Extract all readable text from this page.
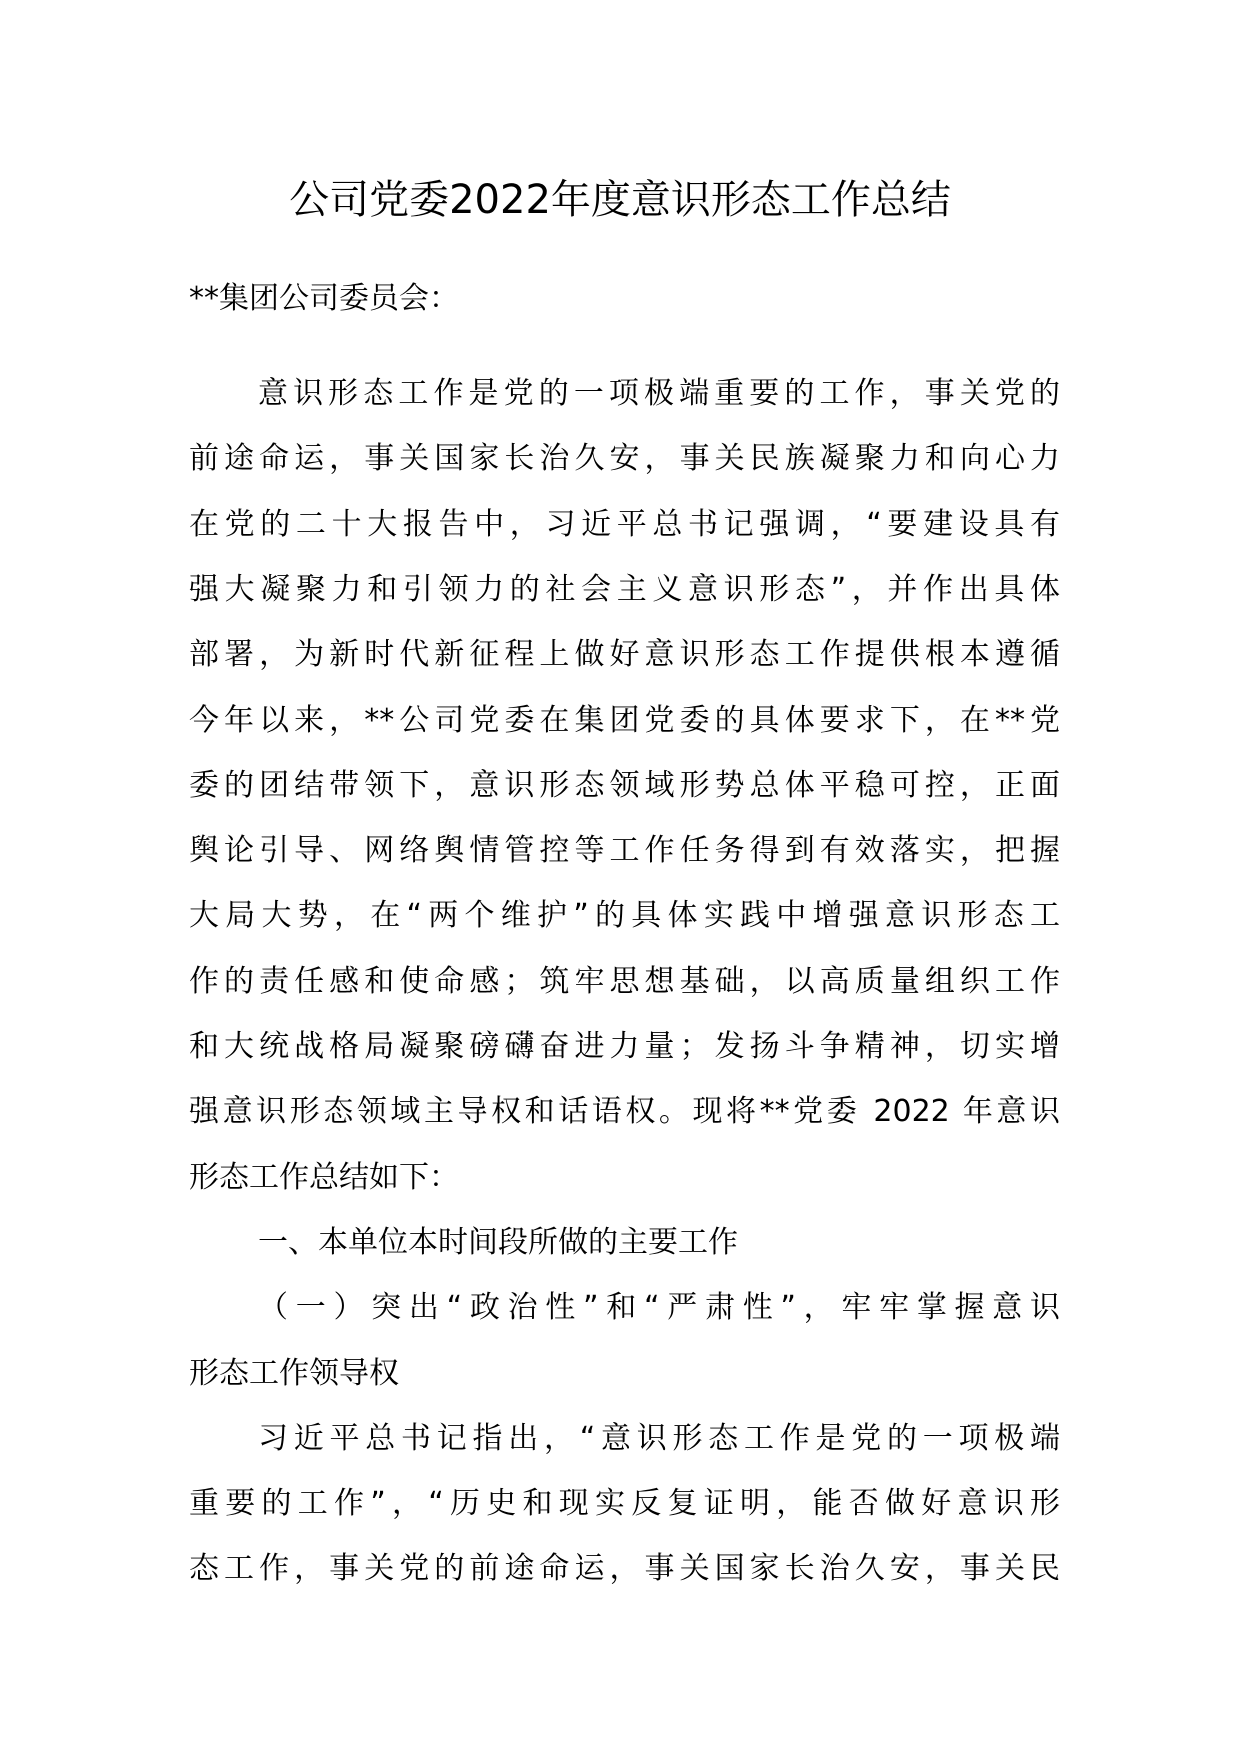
公司党委2022年度意识形态工作总结
**集团公司委员会：
意识形态工作是党的一项极端重要的工作，事关党的
前途命运，事关国家长治久安，事关民族凝聚力和向心力
在党的二十大报告中，习近平总书记强调，“要建设具有
强大凝聚力和引领力的社会主义意识形态”，并作出具体
部署，为新时代新征程上做好意识形态工作提供根本遵循
今年以来，**公司党委在集团党委的具体要求下，在**党
委的团结带领下，意识形态领域形势总体平稳可控，正面
舆论引导、网络舆情管控等工作任务得到有效落实，把握
大局大势，在“两个维护”的具体实践中增强意识形态工
作的责任感和使命感；筑牢思想基础，以高质量组织工作
和大统战格局凝聚磅礴奋进力量；发扬斗争精神，切实增
强意识形态领域主导权和话语权。现将**党委 2022 年意识
形态工作总结如下：
一、本单位本时间段所做的主要工作
（一）突出“政治性”和“严肃性”，牢牢掌握意识
形态工作领导权
习近平总书记指出，“意识形态工作是党的一项极端
重要的工作”，“历史和现实反复证明，能否做好意识形
态工作，事关党的前途命运，事关国家长治久安，事关民
